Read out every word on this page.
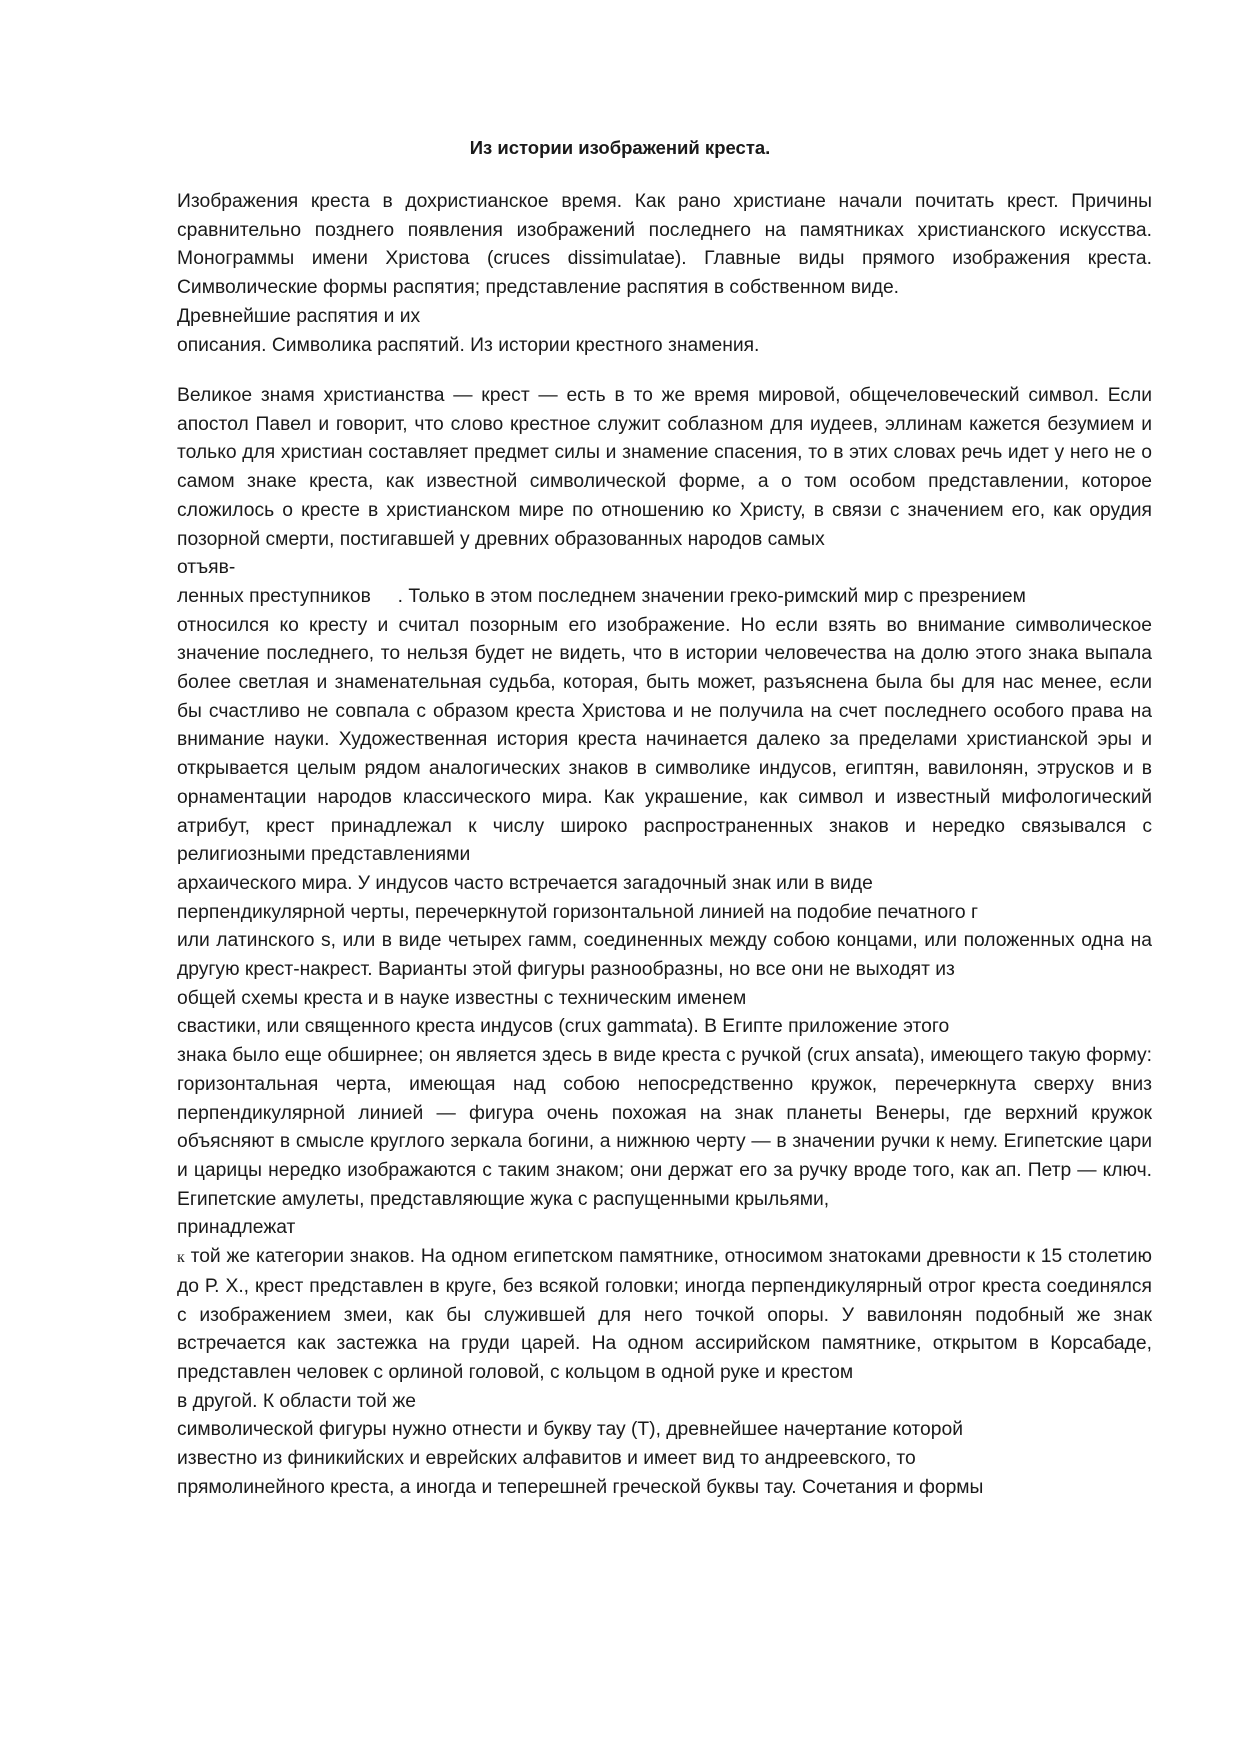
Из истории изображений креста.

Изображения креста в дохристианское время. Как рано христиане начали почитать крест. Причины сравнительно позднего появления изображений последнего на памятниках христианского искусства. Монограммы имени Христова (cruces dissimulatae). Главные виды прямого изображения креста. Символические формы распятия; представление распятия в собственном виде.
Древнейшие распятия и их
описания. Символика распятий. Из истории крестного знамения.

Великое знамя христианства — крест — есть в то же время мировой, общечеловеческий символ. Если апостол Павел и говорит, что слово крестное служит соблазном для иудеев, эллинам кажется безумием и только для христиан составляет предмет силы и знамение спасения, то в этих словах речь идет у него не о самом знаке креста, как известной символической форме, а о том особом представлении, которое сложилось о кресте в христианском мире по отношению ко Христу, в связи с значением его, как орудия позорной смерти, постигавшей у древних образованных народов самых
отъяв-

ленных преступников     . Только в этом последнем значении греко-римский мир с презрением

относился ко кресту и считал позорным его изображение. Но если взять во внимание символическое значение последнего, то нельзя будет не видеть, что в истории человечества на долю этого знака выпала более светлая и знаменательная судьба, которая, быть может, разъяснена была бы для нас менее, если бы счастливо не совпала с образом креста Христова и не получила на счет последнего особого права на внимание науки. Художественная история креста начинается далеко за пределами христианской эры и открывается целым рядом аналогических знаков в символике индусов, египтян, вавилонян, этрусков и в орнаментации народов классического мира. Как украшение, как символ и известный мифологический атрибут, крест принадлежал к числу широко распространенных знаков и нередко связывался с религиозными представлениями
архаического мира. У индусов часто встречается загадочный знак или в виде

перпендикулярной черты, перечеркнутой горизонтальной линией на подобие печатного г

или латинского s, или в виде четырех гамм, соединенных между собою концами, или положенных одна на другую крест-накрест. Варианты этой фигуры разнообразны, но все они не выходят из
общей схемы креста и в науке известны с техническим именем

свастики, или священного креста индусов (crux gammata). В Египте приложение этого

знака было еще обширнее; он является здесь в виде креста с ручкой (crux ansata), имеющего такую форму: горизонтальная черта, имеющая над собою непосредственно кружок, перечеркнута сверху вниз перпендикулярной линией — фигура очень похожая на знак планеты Венеры, где верхний кружок объясняют в смысле круглого зеркала богини, а нижнюю черту — в значении ручки к нему. Египетские цари и царицы нередко изображаются с таким знаком; они держат его за ручку вроде того, как ап. Петр — ключ. Египетские амулеты, представляющие жука с распущенными крыльями,
принадлежат

к той же категории знаков. На одном египетском памятнике, относимом знатоками древности к 15 столетию до Р. Х., крест представлен в круге, без всякой головки; иногда перпендикулярный отрог креста соединялся с изображением змеи, как бы служившей для него точкой опоры. У вавилонян подобный же знак встречается как застежка на груди царей. На одном ассирийском памятнике, открытом в Корсабаде, представлен человек с орлиной головой, с кольцом в одной руке и крестом
в другой. К области той же

символической фигуры нужно отнести и букву тау (Т), древнейшее начертание которой

известно из финикийских и еврейских алфавитов и имеет вид то андреевского, то

прямолинейного креста, а иногда и теперешней греческой буквы тау. Сочетания и формы
